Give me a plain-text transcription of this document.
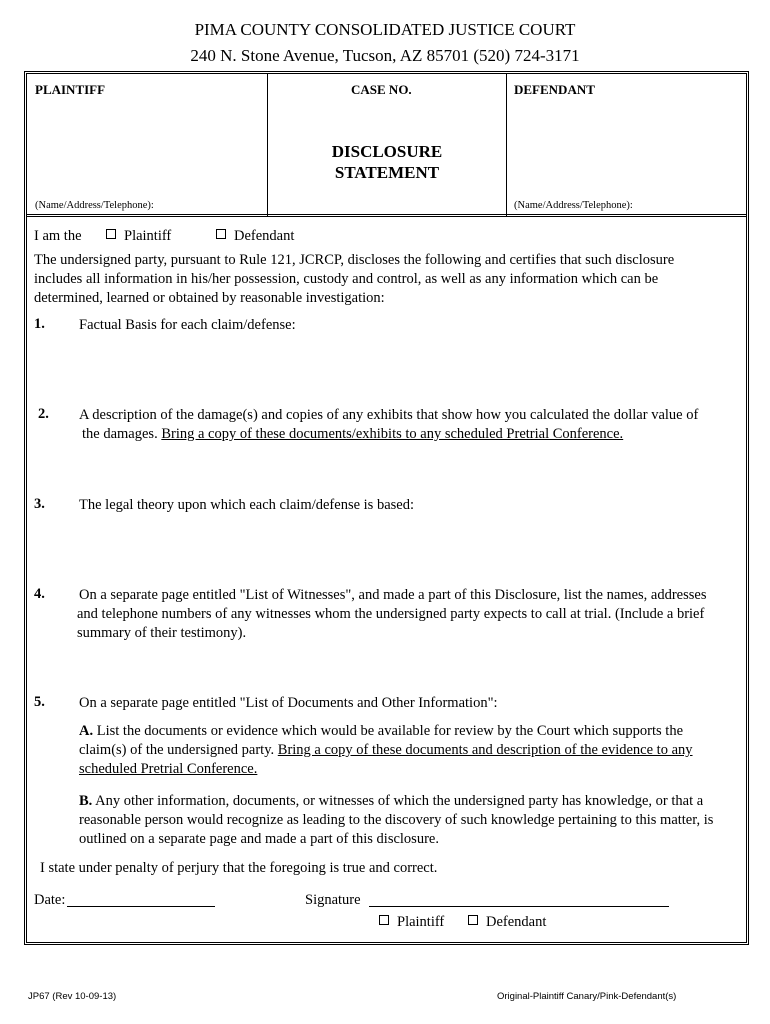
PIMA COUNTY CONSOLIDATED JUSTICE COURT
240 N. Stone Avenue, Tucson, AZ 85701 (520) 724-3171
PLAINTIFF
(Name/Address/Telephone):
CASE NO.
DISCLOSURE
STATEMENT
DEFENDANT
(Name/Address/Telephone):
I am the	Plaintiff	Defendant
The undersigned party, pursuant to Rule 121, JCRCP, discloses the following and certifies that such disclosure
includes all information in his/her possession, custody and control, as well as any information which can be
determined, learned or obtained by reasonable investigation:
1. Factual Basis for each claim/defense:
2. A description of the damage(s) and copies of any exhibits that show how you calculated the dollar value of
the damages. Bring a copy of these documents/exhibits to any scheduled Pretrial Conference.
3. The legal theory upon which each claim/defense is based:
4. On a separate page entitled "List of Witnesses", and made a part of this Disclosure, list the names, addresses
and telephone numbers of any witnesses whom the undersigned party expects to call at trial. (Include a brief
summary of their testimony).
5. On a separate page entitled "List of Documents and Other Information":
A. List the documents or evidence which would be available for review by the Court which supports the
claim(s) of the undersigned party. Bring a copy of these documents and description of the evidence to any
scheduled Pretrial Conference.
B. Any other information, documents, or witnesses of which the undersigned party has knowledge, or that a
reasonable person would recognize as leading to the discovery of such knowledge pertaining to this matter, is
outlined on a separate page and made a part of this disclosure.
I state under penalty of perjury that the foregoing is true and correct.
Date:	Signature
Plaintiff	Defendant
JP67 (Rev 10-09-13)	Original-Plaintiff Canary/Pink-Defendant(s)
